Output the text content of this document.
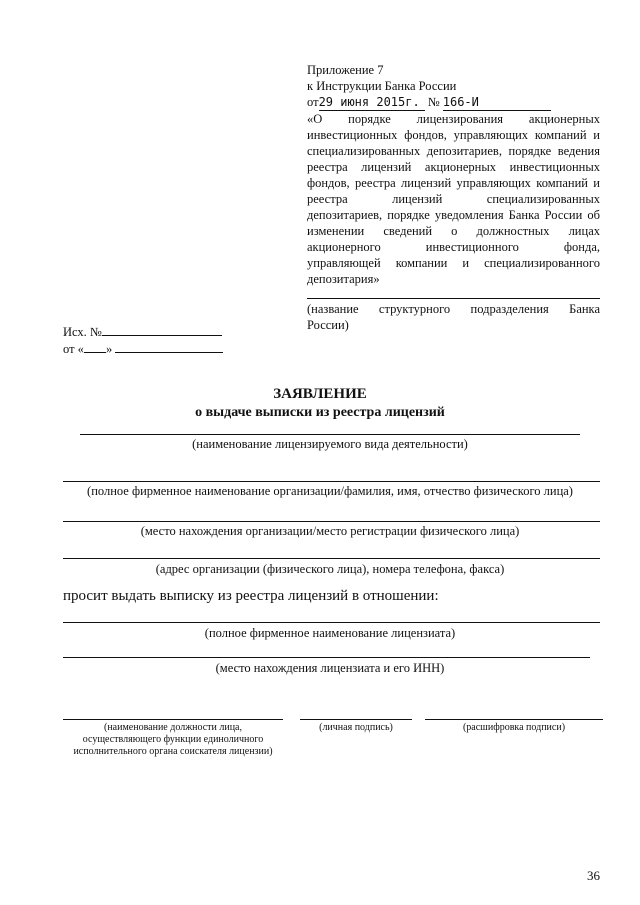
Приложение 7
к Инструкции Банка России
от29 июня 2015г. № 166-И
«О порядке лицензирования акционерных
инвестиционных фондов, управляющих компаний и
специализированных депозитариев, порядке ведения
реестра лицензий акционерных инвестиционных
фондов, реестра лицензий управляющих компаний и
реестра лицензий специализированных
депозитариев, порядке уведомления Банка России об
изменении сведений о должностных лицах
акционерного инвестиционного фонда,
управляющей компании и специализированного
депозитария»
(название структурного подразделения Банка
России)
Исх. №
от « »
ЗАЯВЛЕНИЕ
о выдаче выписки из реестра лицензий
(наименование лицензируемого вида деятельности)
(полное фирменное наименование организации/фамилия, имя, отчество физического лица)
(место нахождения организации/место регистрации физического лица)
(адрес организации (физического лица), номера телефона, факса)
просит выдать выписку из реестра лицензий в отношении:
(полное фирменное наименование лицензиата)
(место нахождения лицензиата и его ИНН)
(наименование должности лица,
осуществляющего функции единоличного
исполнительного органа соискателя лицензии)
(личная подпись)	(расшифровка подписи)
36
